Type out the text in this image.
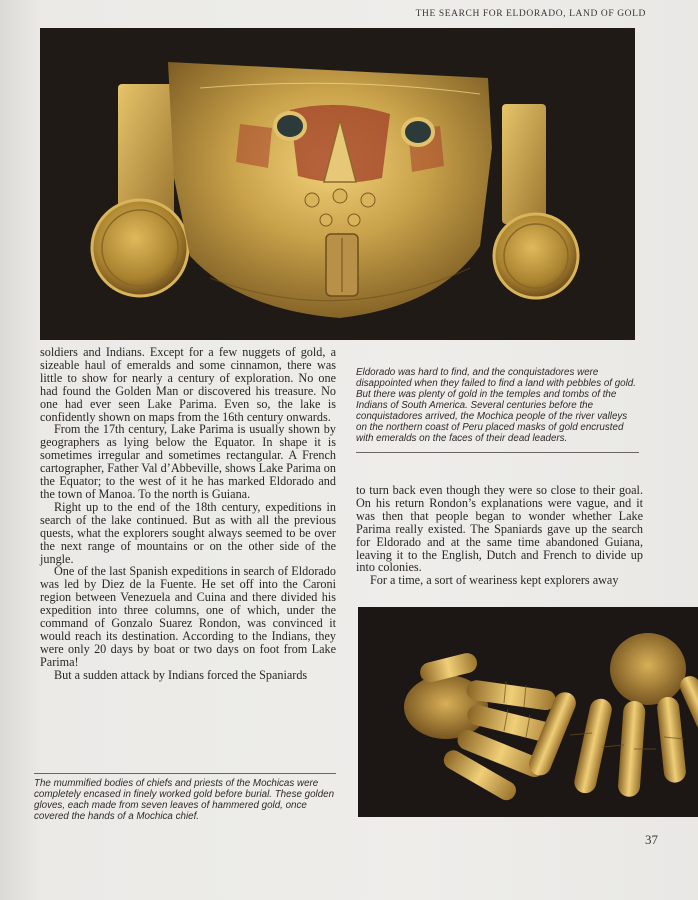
THE SEARCH FOR ELDORADO, LAND OF GOLD

soldiers and Indians. Except for a few nuggets of gold, a sizeable haul of emeralds and some cinnamon, there was little to show for nearly a century of exploration. No one had found the Golden Man or discovered his treasure. No one had ever seen Lake Parima. Even so, the lake is confidently shown on maps from the 16th century onwards.

From the 17th century, Lake Parima is usually shown by geographers as lying below the Equator. In shape it is sometimes irregular and sometimes rectangular. A French cartographer, Father Val d’Abbeville, shows Lake Parima on the Equator; to the west of it he has marked Eldorado and the town of Manoa. To the north is Guiana.

Right up to the end of the 18th century, expeditions in search of the lake continued. But as with all the previous quests, what the explorers sought always seemed to be over the next range of mountains or on the other side of the jungle.

One of the last Spanish expeditions in search of Eldorado was led by Diez de la Fuente. He set off into the Caroni region between Venezuela and Cuina and there divided his expedition into three columns, one of which, under the command of Gonzalo Suarez Rondon, was convinced it would reach its destination. According to the Indians, they were only 20 days by boat or two days on foot from Lake Parima!

But a sudden attack by Indians forced the Spaniards

Eldorado was hard to find, and the conquistadores were disappointed when they failed to find a land with pebbles of gold. But there was plenty of gold in the temples and tombs of the Indians of South America. Several centuries before the conquistadores arrived, the Mochica people of the river valleys on the northern coast of Peru placed masks of gold encrusted with emeralds on the faces of their dead leaders.

to turn back even though they were so close to their goal. On his return Rondon’s explanations were vague, and it was then that people began to wonder whether Lake Parima really existed. The Spaniards gave up the search for Eldorado and at the same time abandoned Guiana, leaving it to the English, Dutch and French to divide up into colonies.

For a time, a sort of weariness kept explorers away

The mummified bodies of chiefs and priests of the Mochicas were completely encased in finely worked gold before burial. These golden gloves, each made from seven leaves of hammered gold, once covered the hands of a Mochica chief.
37
